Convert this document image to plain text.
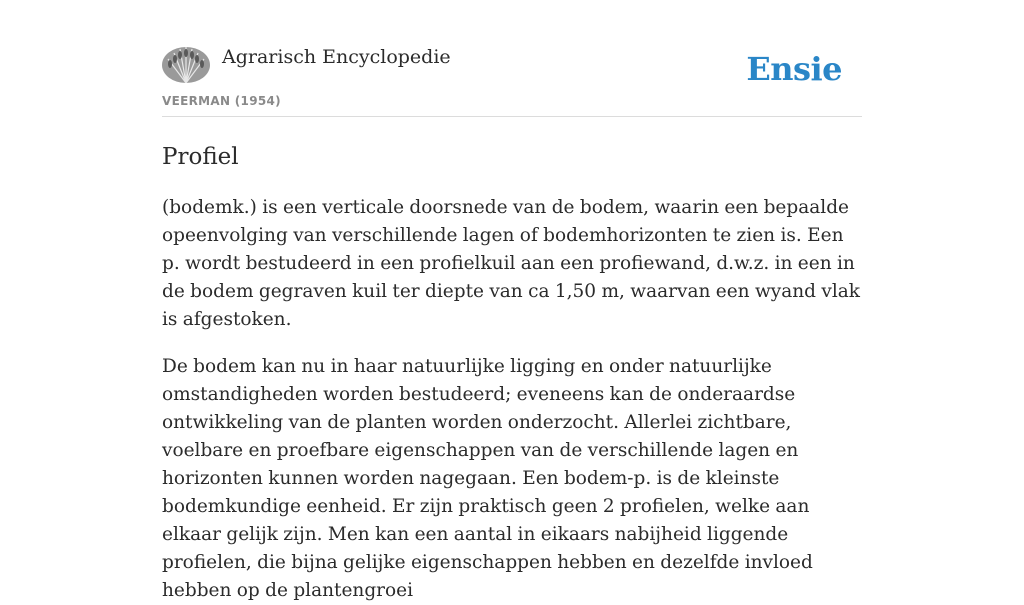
Agrarisch Encyclopedie
VEERMAN (1954)
Ensie
Profiel

(bodemk.) is een verticale doorsnede van de bodem, waarin een bepaalde opeenvolging van verschillende lagen of bodemhorizonten te zien is. Een p. wordt bestudeerd in een profielkuil aan een profiewand, d.w.z. in een in de bodem gegraven kuil ter diepte van ca 1,50 m, waarvan een wyand vlak is afgestoken.

De bodem kan nu in haar natuurlijke ligging en onder natuurlijke omstandigheden worden bestudeerd; eveneens kan de onderaardse ontwikkeling van de planten worden onderzocht. Allerlei zichtbare, voelbare en proefbare eigenschappen van de verschillende lagen en horizonten kunnen worden nagegaan. Een bodem-p. is de kleinste bodemkundige eenheid. Er zijn praktisch geen 2 profielen, welke aan elkaar gelijk zijn. Men kan een aantal in eikaars nabijheid liggende profielen, die bijna gelijke eigenschappen hebben en dezelfde invloed hebben op de plantengroei
